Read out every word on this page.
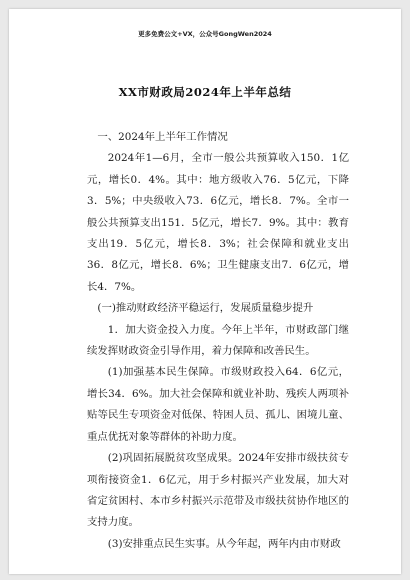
更多免费公文+VX，公众号GongWen2024
XX市财政局2024年上半年总结

一、2024年上半年工作情况

2024年1—6月，全市一般公共预算收入150．1亿元，增长0．4%。其中：地方级收入76．5亿元，下降3．5%；中央级收入73．6亿元，增长8．7%。全市一般公共预算支出151．5亿元，增长7．9%。其中：教育支出19．5亿元，增长8．3%；社会保障和就业支出36．8亿元，增长8．6%；卫生健康支出7．6亿元，增长4．7%。

(一)推动财政经济平稳运行，发展质量稳步提升

1．加大资金投入力度。今年上半年，市财政部门继续发挥财政资金引导作用，着力保障和改善民生。

(1)加强基本民生保障。市级财政投入64．6亿元，增长34．6%。加大社会保障和就业补助、残疾人两项补贴等民生专项资金对低保、特困人员、孤儿、困境儿童、重点优抚对象等群体的补助力度。

(2)巩固拓展脱贫攻坚成果。2024年安排市级扶贫专项衔接资金1．6亿元，用于乡村振兴产业发展，加大对省定贫困村、本市乡村振兴示范带及市级扶贫协作地区的支持力度。

(3)安排重点民生实事。从今年起，两年内由市财政
